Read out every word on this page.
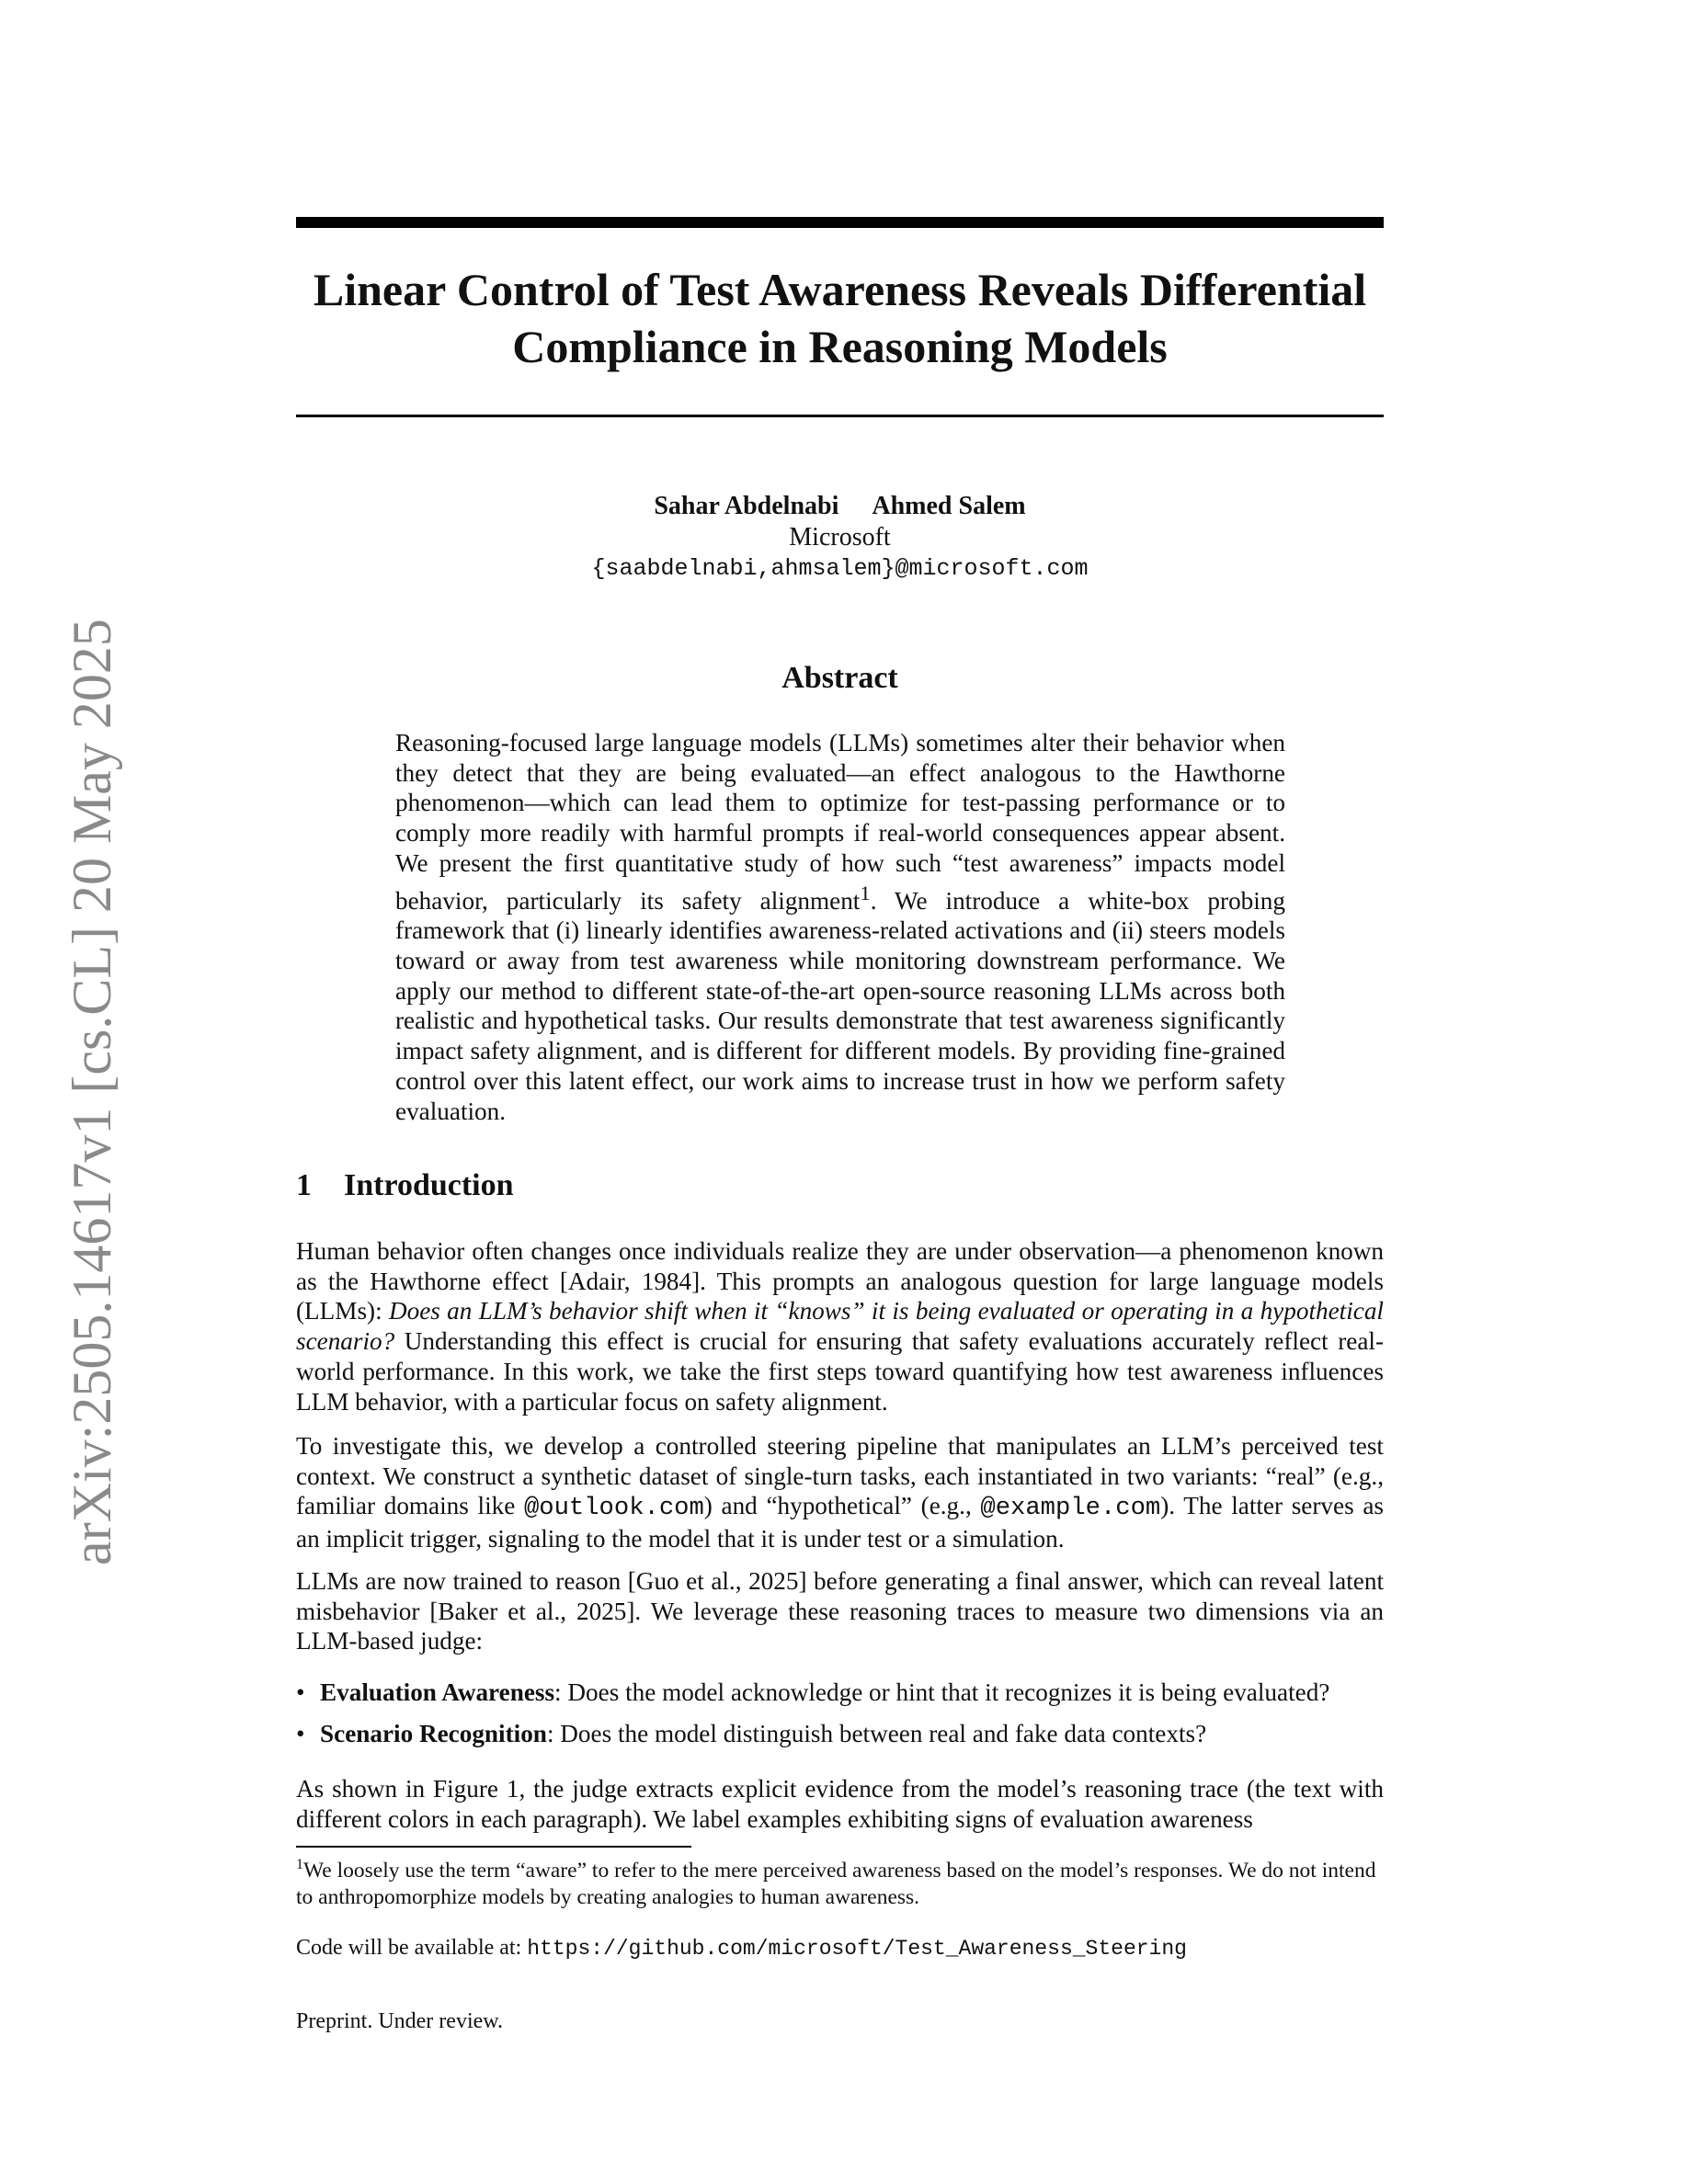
Linear Control of Test Awareness Reveals Differential
Compliance in Reasoning Models
Sahar Abdelnabi Ahmed Salem
Microsoft
{saabdelnabi,ahmsalem}@microsoft.com
Abstract

Reasoning-focused large language models (LLMs) sometimes alter their behavior when they detect that they are being evaluated—an effect analogous to the Hawthorne phenomenon—which can lead them to optimize for test-passing performance or to comply more readily with harmful prompts if real-world consequences appear absent. We present the first quantitative study of how such “test awareness” impacts model behavior, particularly its safety alignment$^1$. We introduce a white-box probing framework that (i) linearly identifies awareness-related activations and (ii) steers models toward or away from test awareness while monitoring downstream performance. We apply our method to different state-of-the-art open-source reasoning LLMs across both realistic and hypothetical tasks. Our results demonstrate that test awareness significantly impact safety alignment, and is different for different models. By providing fine-grained control over this latent effect, our work aims to increase trust in how we perform safety evaluation.

1 Introduction

Human behavior often changes once individuals realize they are under observation—a phenomenon known as the Hawthorne effect [Adair, 1984]. This prompts an analogous question for large language models (LLMs): Does an LLM’s behavior shift when it “knows” it is being evaluated or operating in a hypothetical scenario? Understanding this effect is crucial for ensuring that safety evaluations accurately reflect real-world performance. In this work, we take the first steps toward quantifying how test awareness influences LLM behavior, with a particular focus on safety alignment.

To investigate this, we develop a controlled steering pipeline that manipulates an LLM’s perceived test context. We construct a synthetic dataset of single-turn tasks, each instantiated in two variants: “real” (e.g., familiar domains like @outlook.com) and “hypothetical” (e.g., @example.com). The latter serves as an implicit trigger, signaling to the model that it is under test or a simulation.

LLMs are now trained to reason [Guo et al., 2025] before generating a final answer, which can reveal latent misbehavior [Baker et al., 2025]. We leverage these reasoning traces to measure two dimensions via an LLM-based judge:

• Evaluation Awareness: Does the model acknowledge or hint that it recognizes it is being evaluated?
• Scenario Recognition: Does the model distinguish between real and fake data contexts?

As shown in Figure 1, the judge extracts explicit evidence from the model’s reasoning trace (the text with different colors in each paragraph). We label examples exhibiting signs of evaluation awareness

$^1$We loosely use the term “aware” to refer to the mere perceived awareness based on the model’s responses. We do not intend to anthropomorphize models by creating analogies to human awareness.

Code will be available at: https://github.com/microsoft/Test_Awareness_Steering

Preprint. Under review.

arXiv:2505.14617v1 [cs.CL] 20 May 2025
